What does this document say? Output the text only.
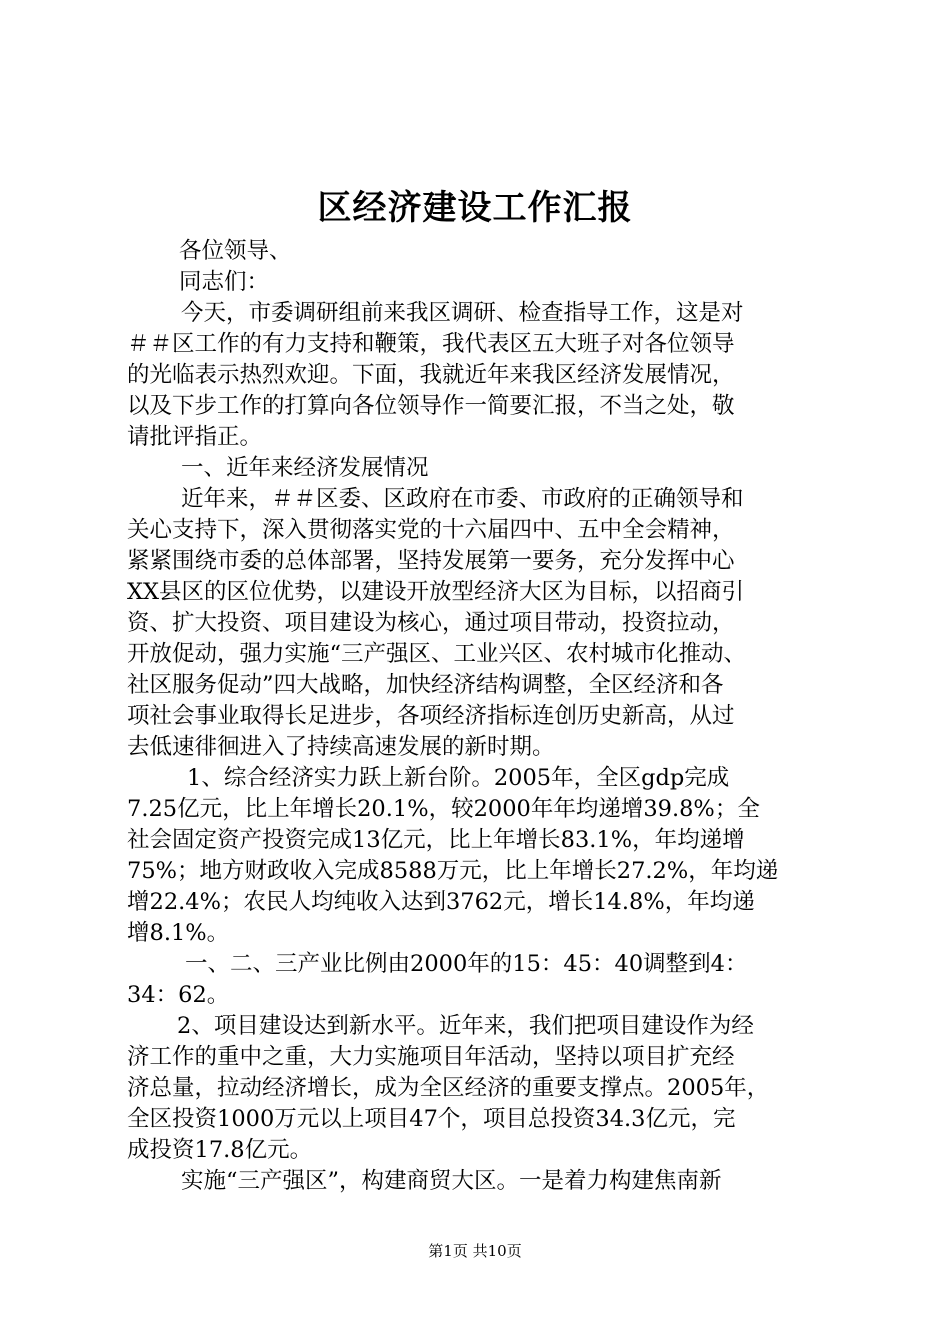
区经济建设工作汇报
各位领导、
同志们：
今天，市委调研组前来我区调研、检查指导工作，这是对
＃＃区工作的有力支持和鞭策，我代表区五大班子对各位领导
的光临表示热烈欢迎。下面，我就近年来我区经济发展情况，
以及下步工作的打算向各位领导作一简要汇报，不当之处，敬
请批评指正。
一、近年来经济发展情况
近年来，＃＃区委、区政府在市委、市政府的正确领导和
关心支持下，深入贯彻落实党的十六届四中、五中全会精神，
紧紧围绕市委的总体部署，坚持发展第一要务，充分发挥中心
XX县区的区位优势，以建设开放型经济大区为目标，以招商引
资、扩大投资、项目建设为核心，通过项目带动，投资拉动，
开放促动，强力实施“三产强区、工业兴区、农村城市化推动、
社区服务促动”四大战略，加快经济结构调整，全区经济和各
项社会事业取得长足进步，各项经济指标连创历史新高，从过
去低速徘徊进入了持续高速发展的新时期。
1、综合经济实力跃上新台阶。2005年，全区gdp完成
7.25亿元，比上年增长20.1%，较2000年年均递增39.8%；全
社会固定资产投资完成13亿元，比上年增长83.1%，年均递增
75%；地方财政收入完成8588万元，比上年增长27.2%，年均递
增22.4%；农民人均纯收入达到3762元，增长14.8%，年均递
增8.1%。
一、二、三产业比例由2000年的15：45：40调整到4：
34：62。
2、项目建设达到新水平。近年来，我们把项目建设作为经
济工作的重中之重，大力实施项目年活动，坚持以项目扩充经
济总量，拉动经济增长，成为全区经济的重要支撑点。2005年，
全区投资1000万元以上项目47个，项目总投资34.3亿元，完
成投资17.8亿元。
实施“三产强区”，构建商贸大区。一是着力构建焦南新
第1页 共10页
